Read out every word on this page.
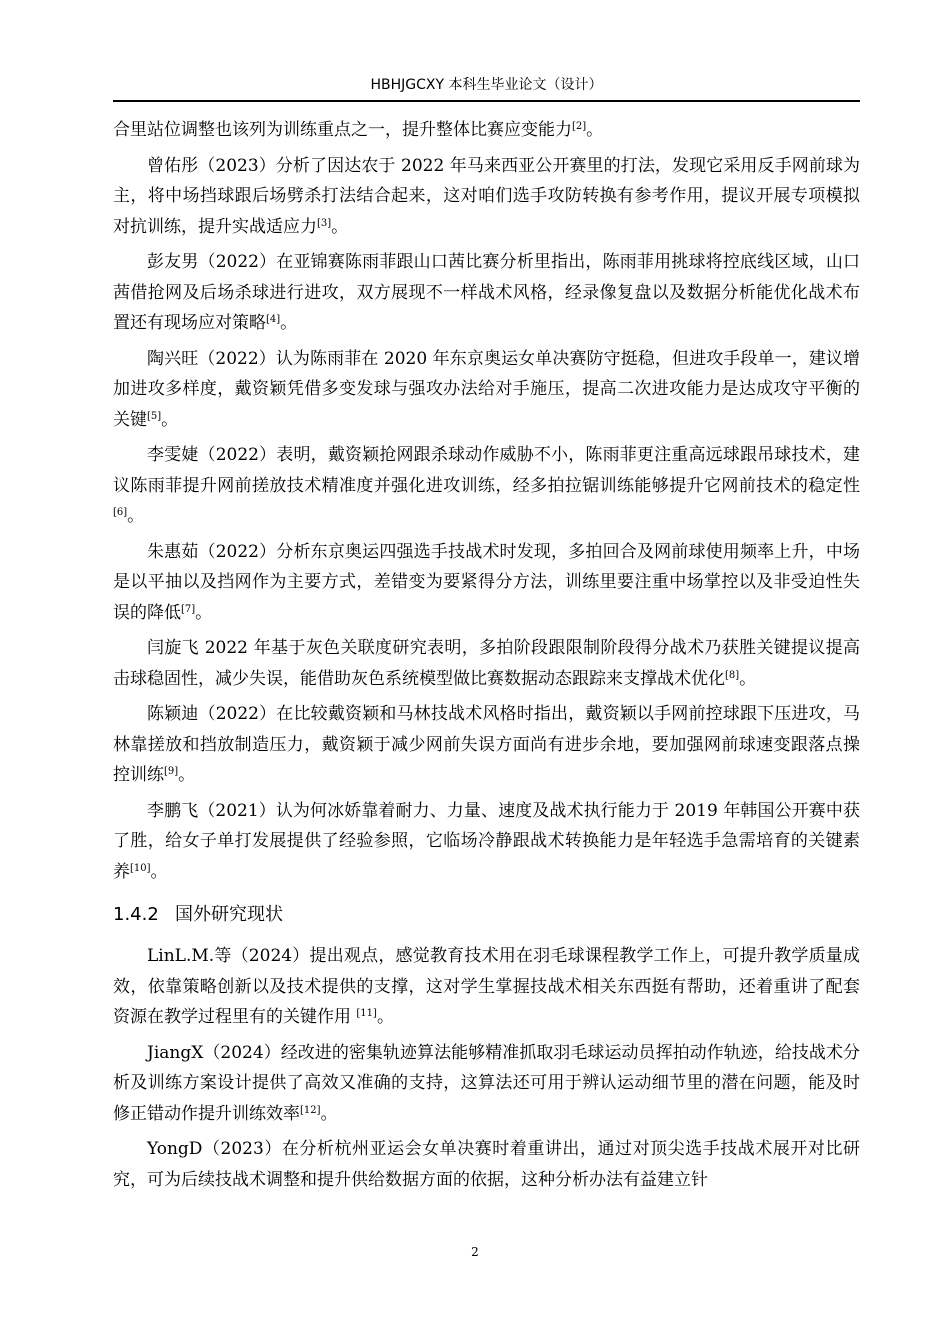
HBHJGCXY 本科生毕业论文（设计）

合里站位调整也该列为训练重点之一，提升整体比赛应变能力[2]。

曾佑彤（2023）分析了因达农于 2022 年马来西亚公开赛里的打法，发现它采用反手网前球为主，将中场挡球跟后场劈杀打法结合起来，这对咱们选手攻防转换有参考作用，提议开展专项模拟对抗训练，提升实战适应力[3]。

彭友男（2022）在亚锦赛陈雨菲跟山口茜比赛分析里指出，陈雨菲用挑球将控底线区域，山口茜借抢网及后场杀球进行进攻，双方展现不一样战术风格，经录像复盘以及数据分析能优化战术布置还有现场应对策略[4]。

陶兴旺（2022）认为陈雨菲在 2020 年东京奥运女单决赛防守挺稳，但进攻手段单一，建议增加进攻多样度，戴资颖凭借多变发球与强攻办法给对手施压，提高二次进攻能力是达成攻守平衡的关键[5]。

李雯婕（2022）表明，戴资颖抢网跟杀球动作威胁不小，陈雨菲更注重高远球跟吊球技术，建议陈雨菲提升网前搓放技术精准度并强化进攻训练，经多拍拉锯训练能够提升它网前技术的稳定性[6]。

朱惠茹（2022）分析东京奥运四强选手技战术时发现，多拍回合及网前球使用频率上升，中场是以平抽以及挡网作为主要方式，差错变为要紧得分方法，训练里要注重中场掌控以及非受迫性失误的降低[7]。

闫旋飞 2022 年基于灰色关联度研究表明，多拍阶段跟限制阶段得分战术乃获胜关键提议提高击球稳固性，减少失误，能借助灰色系统模型做比赛数据动态跟踪来支撑战术优化[8]。

陈颖迪（2022）在比较戴资颖和马林技战术风格时指出，戴资颖以手网前控球跟下压进攻，马林靠搓放和挡放制造压力，戴资颖于减少网前失误方面尚有进步余地，要加强网前球速变跟落点操控训练[9]。

李鹏飞（2021）认为何冰娇靠着耐力、力量、速度及战术执行能力于 2019 年韩国公开赛中获了胜，给女子单打发展提供了经验参照，它临场冷静跟战术转换能力是年轻选手急需培育的关键素养[10]。

1.4.2 国外研究现状

LinL.M.等（2024）提出观点，感觉教育技术用在羽毛球课程教学工作上，可提升教学质量成效，依靠策略创新以及技术提供的支撑，这对学生掌握技战术相关东西挺有帮助，还着重讲了配套资源在教学过程里有的关键作用 [11]。

JiangX（2024）经改进的密集轨迹算法能够精准抓取羽毛球运动员挥拍动作轨迹，给技战术分析及训练方案设计提供了高效又准确的支持，这算法还可用于辨认运动细节里的潜在问题，能及时修正错动作提升训练效率[12]。

YongD（2023）在分析杭州亚运会女单决赛时着重讲出，通过对顶尖选手技战术展开对比研究，可为后续技战术调整和提升供给数据方面的依据，这种分析办法有益建立针

2
